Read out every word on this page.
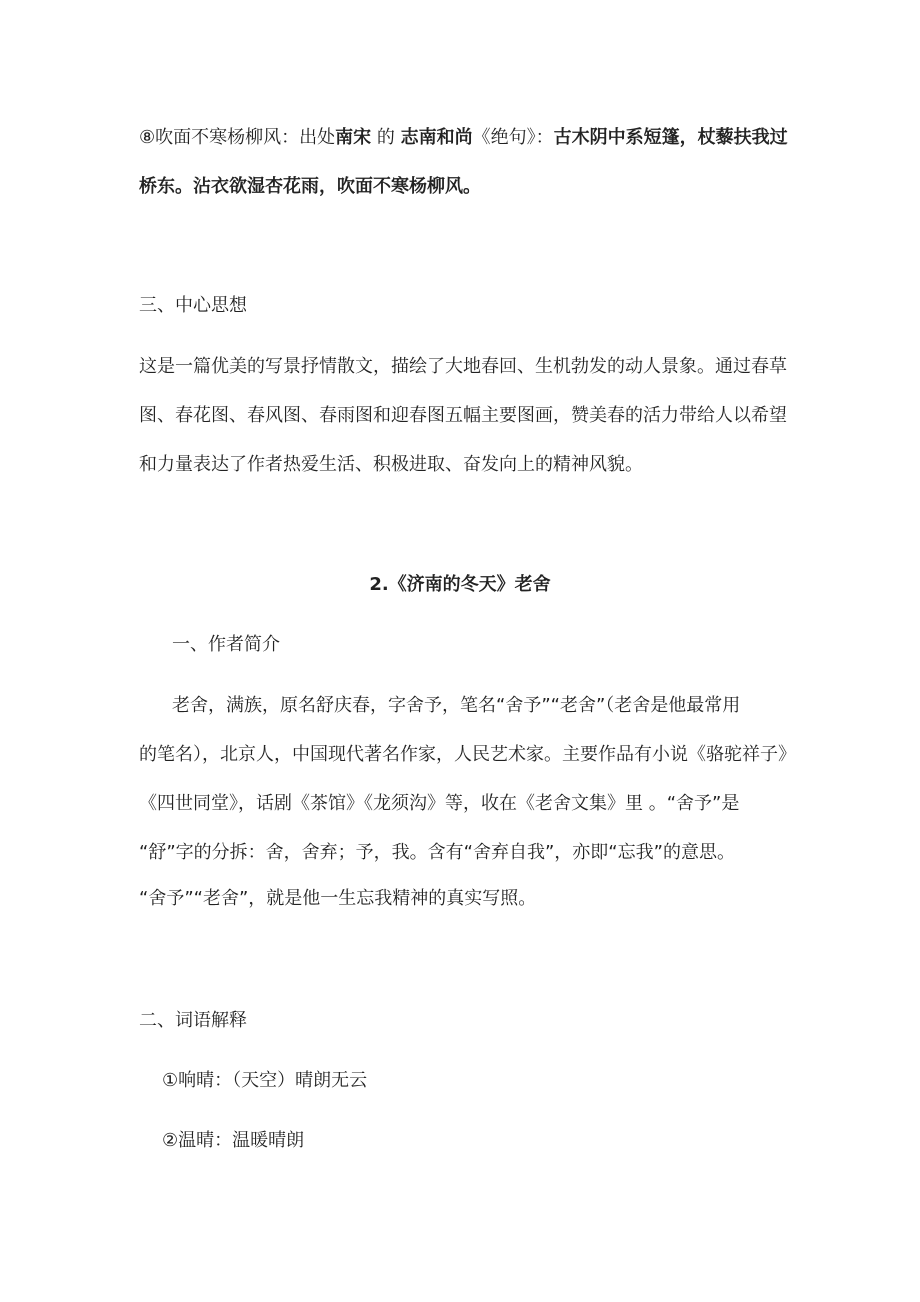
⑧吹面不寒杨柳风：出处南宋 的 志南和尚《绝句》：古木阴中系短篷，杖藜扶我过
桥东。沾衣欲湿杏花雨，吹面不寒杨柳风。
三、中心思想
这是一篇优美的写景抒情散文，描绘了大地春回、生机勃发的动人景象。通过春草
图、春花图、春风图、春雨图和迎春图五幅主要图画，赞美春的活力带给人以希望
和力量表达了作者热爱生活、积极进取、奋发向上的精神风貌。
2.《济南的冬天》老舍
一、作者简介
老舍，满族，原名舒庆春，字舍予，笔名“舍予”“老舍”（老舍是他最常用
的笔名），北京人，中国现代著名作家，人民艺术家。主要作品有小说《骆驼祥子》
《四世同堂》，话剧《茶馆》《龙须沟》等，收在《老舍文集》里 。“舍予”是
“舒”字的分拆：舍，舍弃；予，我。含有“舍弃自我”，亦即“忘我”的意思。
“舍予”“老舍”，就是他一生忘我精神的真实写照。
二、词语解释
①响晴：（天空）晴朗无云
②温晴：温暖晴朗
